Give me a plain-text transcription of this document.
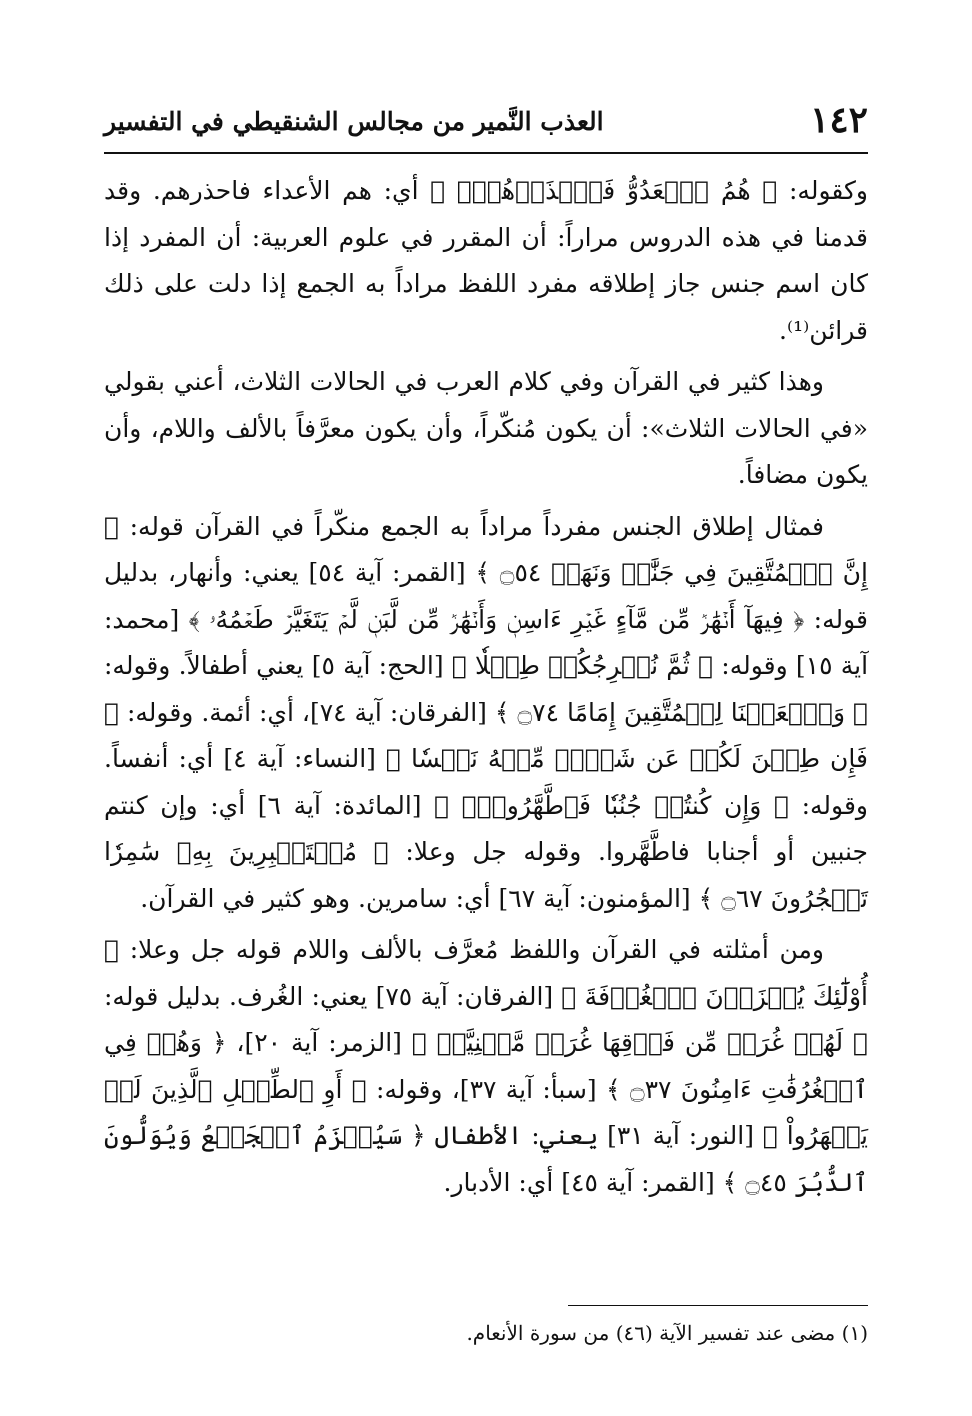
١٤٢
العذب النَّمير من مجالس الشنقيطي في التفسير

وكقوله: ﴿ هُمُ ٱلۡعَدُوُّ فَٱحۡذَرۡهُمۡۚ ﴾ أي: هم الأعداء فاحذرهم. وقد قدمنا في هذه الدروس مراراً: أن المقرر في علوم العربية: أن المفرد إذا كان اسم جنس جاز إطلاقه مفرد اللفظ مراداً به الجمع إذا دلت على ذلك قرائن⁽¹⁾.

وهذا كثير في القرآن وفي كلام العرب في الحالات الثلاث، أعني بقولي «في الحالات الثلاث»: أن يكون مُنكّراً، وأن يكون معرَّفاً بالألف واللام، وأن يكون مضافاً.

فمثال إطلاق الجنس مفرداً مراداً به الجمع منكّراً في القرآن قوله: ﴿ إِنَّ ٱلۡمُتَّقِينَ فِي جَنَّٰتٖ وَنَهَرٖ ۝٥٤ ﴾ [القمر: آية ٥٤] يعني: وأنهار، بدليل قوله: ﴿ فِيهَآ أَنۡهَٰرٞ مِّن مَّآءٍ غَيۡرِ ءَاسِنٖ وَأَنۡهَٰرٞ مِّن لَّبَنٖ لَّمۡ يَتَغَيَّرۡ طَعۡمُهُۥ ﴾ [محمد: آية ١٥] وقوله: ﴿ ثُمَّ نُخۡرِجُكُمۡ طِفۡلٗا ﴾ [الحج: آية ٥] يعني أطفالاً. وقوله: ﴿ وَٱجۡعَلۡنَا لِلۡمُتَّقِينَ إِمَامًا ۝٧٤ ﴾ [الفرقان: آية ٧٤]، أي: أئمة. وقوله: ﴿ فَإِن طِبۡنَ لَكُمۡ عَن شَيۡءٖ مِّنۡهُ نَفۡسٗا ﴾ [النساء: آية ٤] أي: أنفساً. وقوله: ﴿ وَإِن كُنتُمۡ جُنُبٗا فَٱطَّهَّرُواْۚ ﴾ [المائدة: آية ٦] أي: وإن كنتم جنبين أو أجنابا فاطَّهَّروا. وقوله جل وعلا: ﴿ مُسۡتَكۡبِرِينَ بِهِۦ سَٰمِرٗا تَهۡجُرُونَ ۝٦٧ ﴾ [المؤمنون: آية ٦٧] أي: سامرين. وهو كثير في القرآن.

ومن أمثلته في القرآن واللفظ مُعرَّف بالألف واللام قوله جل وعلا: ﴿ أُوْلَٰٓئِكَ يُجۡزَوۡنَ ٱلۡغُرۡفَةَ ﴾ [الفرقان: آية ٧٥] يعني: الغُرف. بدليل قوله: ﴿ لَهُمۡ غُرَفٞ مِّن فَوۡقِهَا غُرَفٞ مَّبۡنِيَّةٞ ﴾ [الزمر: آية ٢٠]، ﴿ وَهُمۡ فِي ٱلۡغُرُفَٰتِ ءَامِنُونَ ۝٣٧ ﴾ [سبأ: آية ٣٧]، وقوله: ﴿ أَوِ ٱلطِّفۡلِ ٱلَّذِينَ لَمۡ يَظۡهَرُواْ ﴾ [النور: آية ٣١] يعني: الأطفال ﴿ سَيُهۡزَمُ ٱلۡجَمۡعُ وَيُوَلُّونَ ٱلدُّبُرَ ۝٤٥ ﴾ [القمر: آية ٤٥] أي: الأدبار.

(١) مضى عند تفسير الآية (٤٦) من سورة الأنعام.
